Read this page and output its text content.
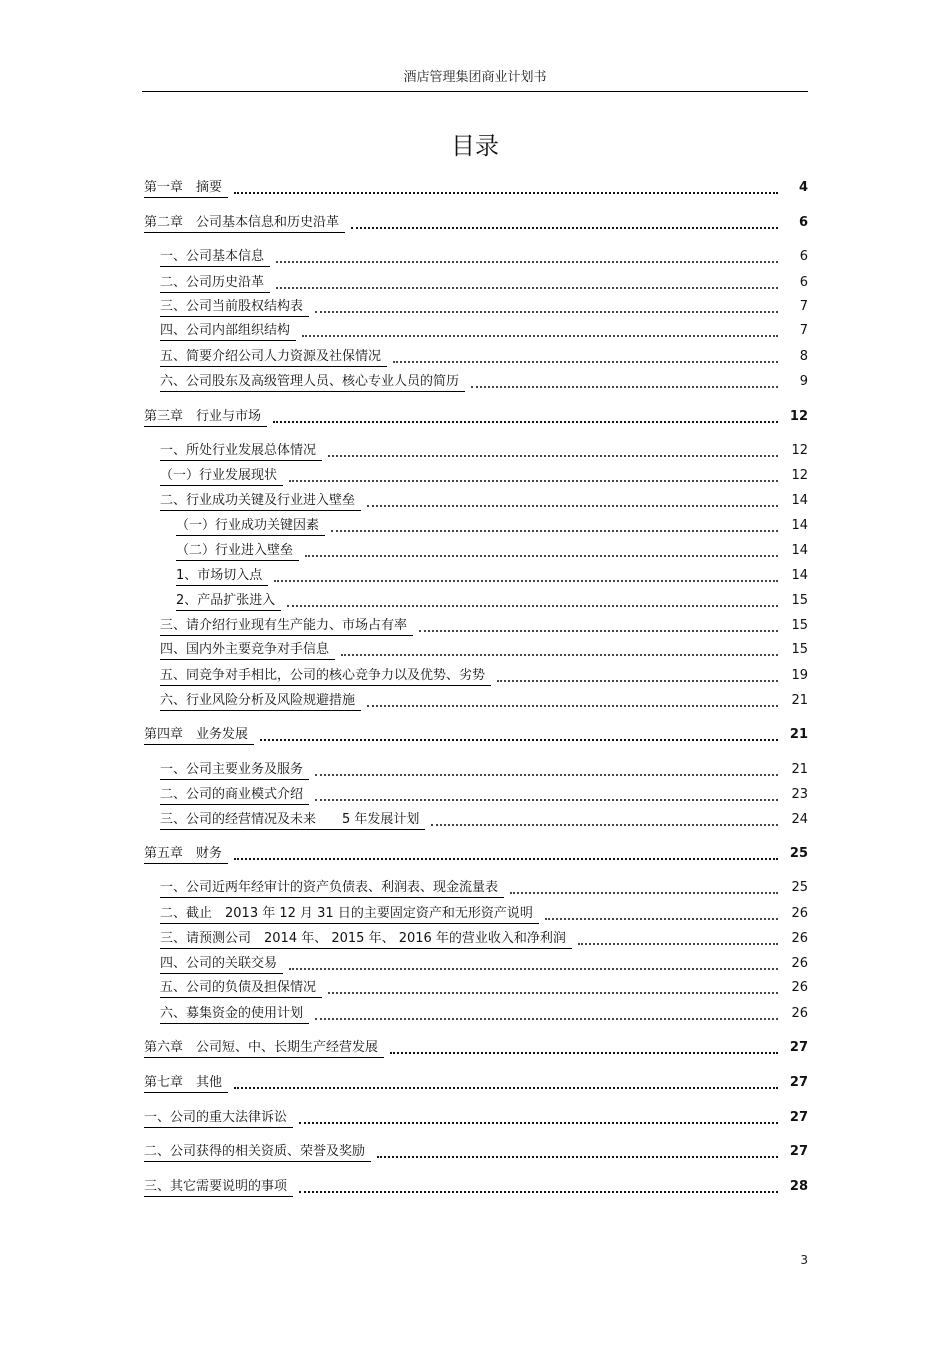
酒店管理集团商业计划书
目录
第一章　摘要	4
第二章　公司基本信息和历史沿革	6
一、公司基本信息	6
二、公司历史沿革	6
三、公司当前股权结构表	7
四、公司内部组织结构	7
五、简要介绍公司人力资源及社保情况	8
六、公司股东及高级管理人员、核心专业人员的简历	9
第三章　行业与市场	12
一、所处行业发展总体情况	12
（一）行业发展现状	12
二、行业成功关键及行业进入壁垒	14
（一）行业成功关键因素	14
（二）行业进入壁垒	14
1、市场切入点	14
2、产品扩张进入	15
三、请介绍行业现有生产能力、市场占有率	15
四、国内外主要竞争对手信息	15
五、同竞争对手相比，公司的核心竞争力以及优势、劣势	19
六、行业风险分析及风险规避措施	21
第四章　业务发展	21
一、公司主要业务及服务	21
二、公司的商业模式介绍	23
三、公司的经营情况及未来　　5 年发展计划	24
第五章　财务	25
一、公司近两年经审计的资产负债表、利润表、现金流量表	25
二、截止　2013 年 12 月 31 日的主要固定资产和无形资产说明	26
三、请预测公司　2014 年、 2015 年、 2016 年的营业收入和净利润	26
四、公司的关联交易	26
五、公司的负债及担保情况	26
六、募集资金的使用计划	26
第六章　公司短、中、长期生产经营发展	27
第七章　其他	27
一、公司的重大法律诉讼	27
二、公司获得的相关资质、荣誉及奖励	27
三、其它需要说明的事项	28
3
